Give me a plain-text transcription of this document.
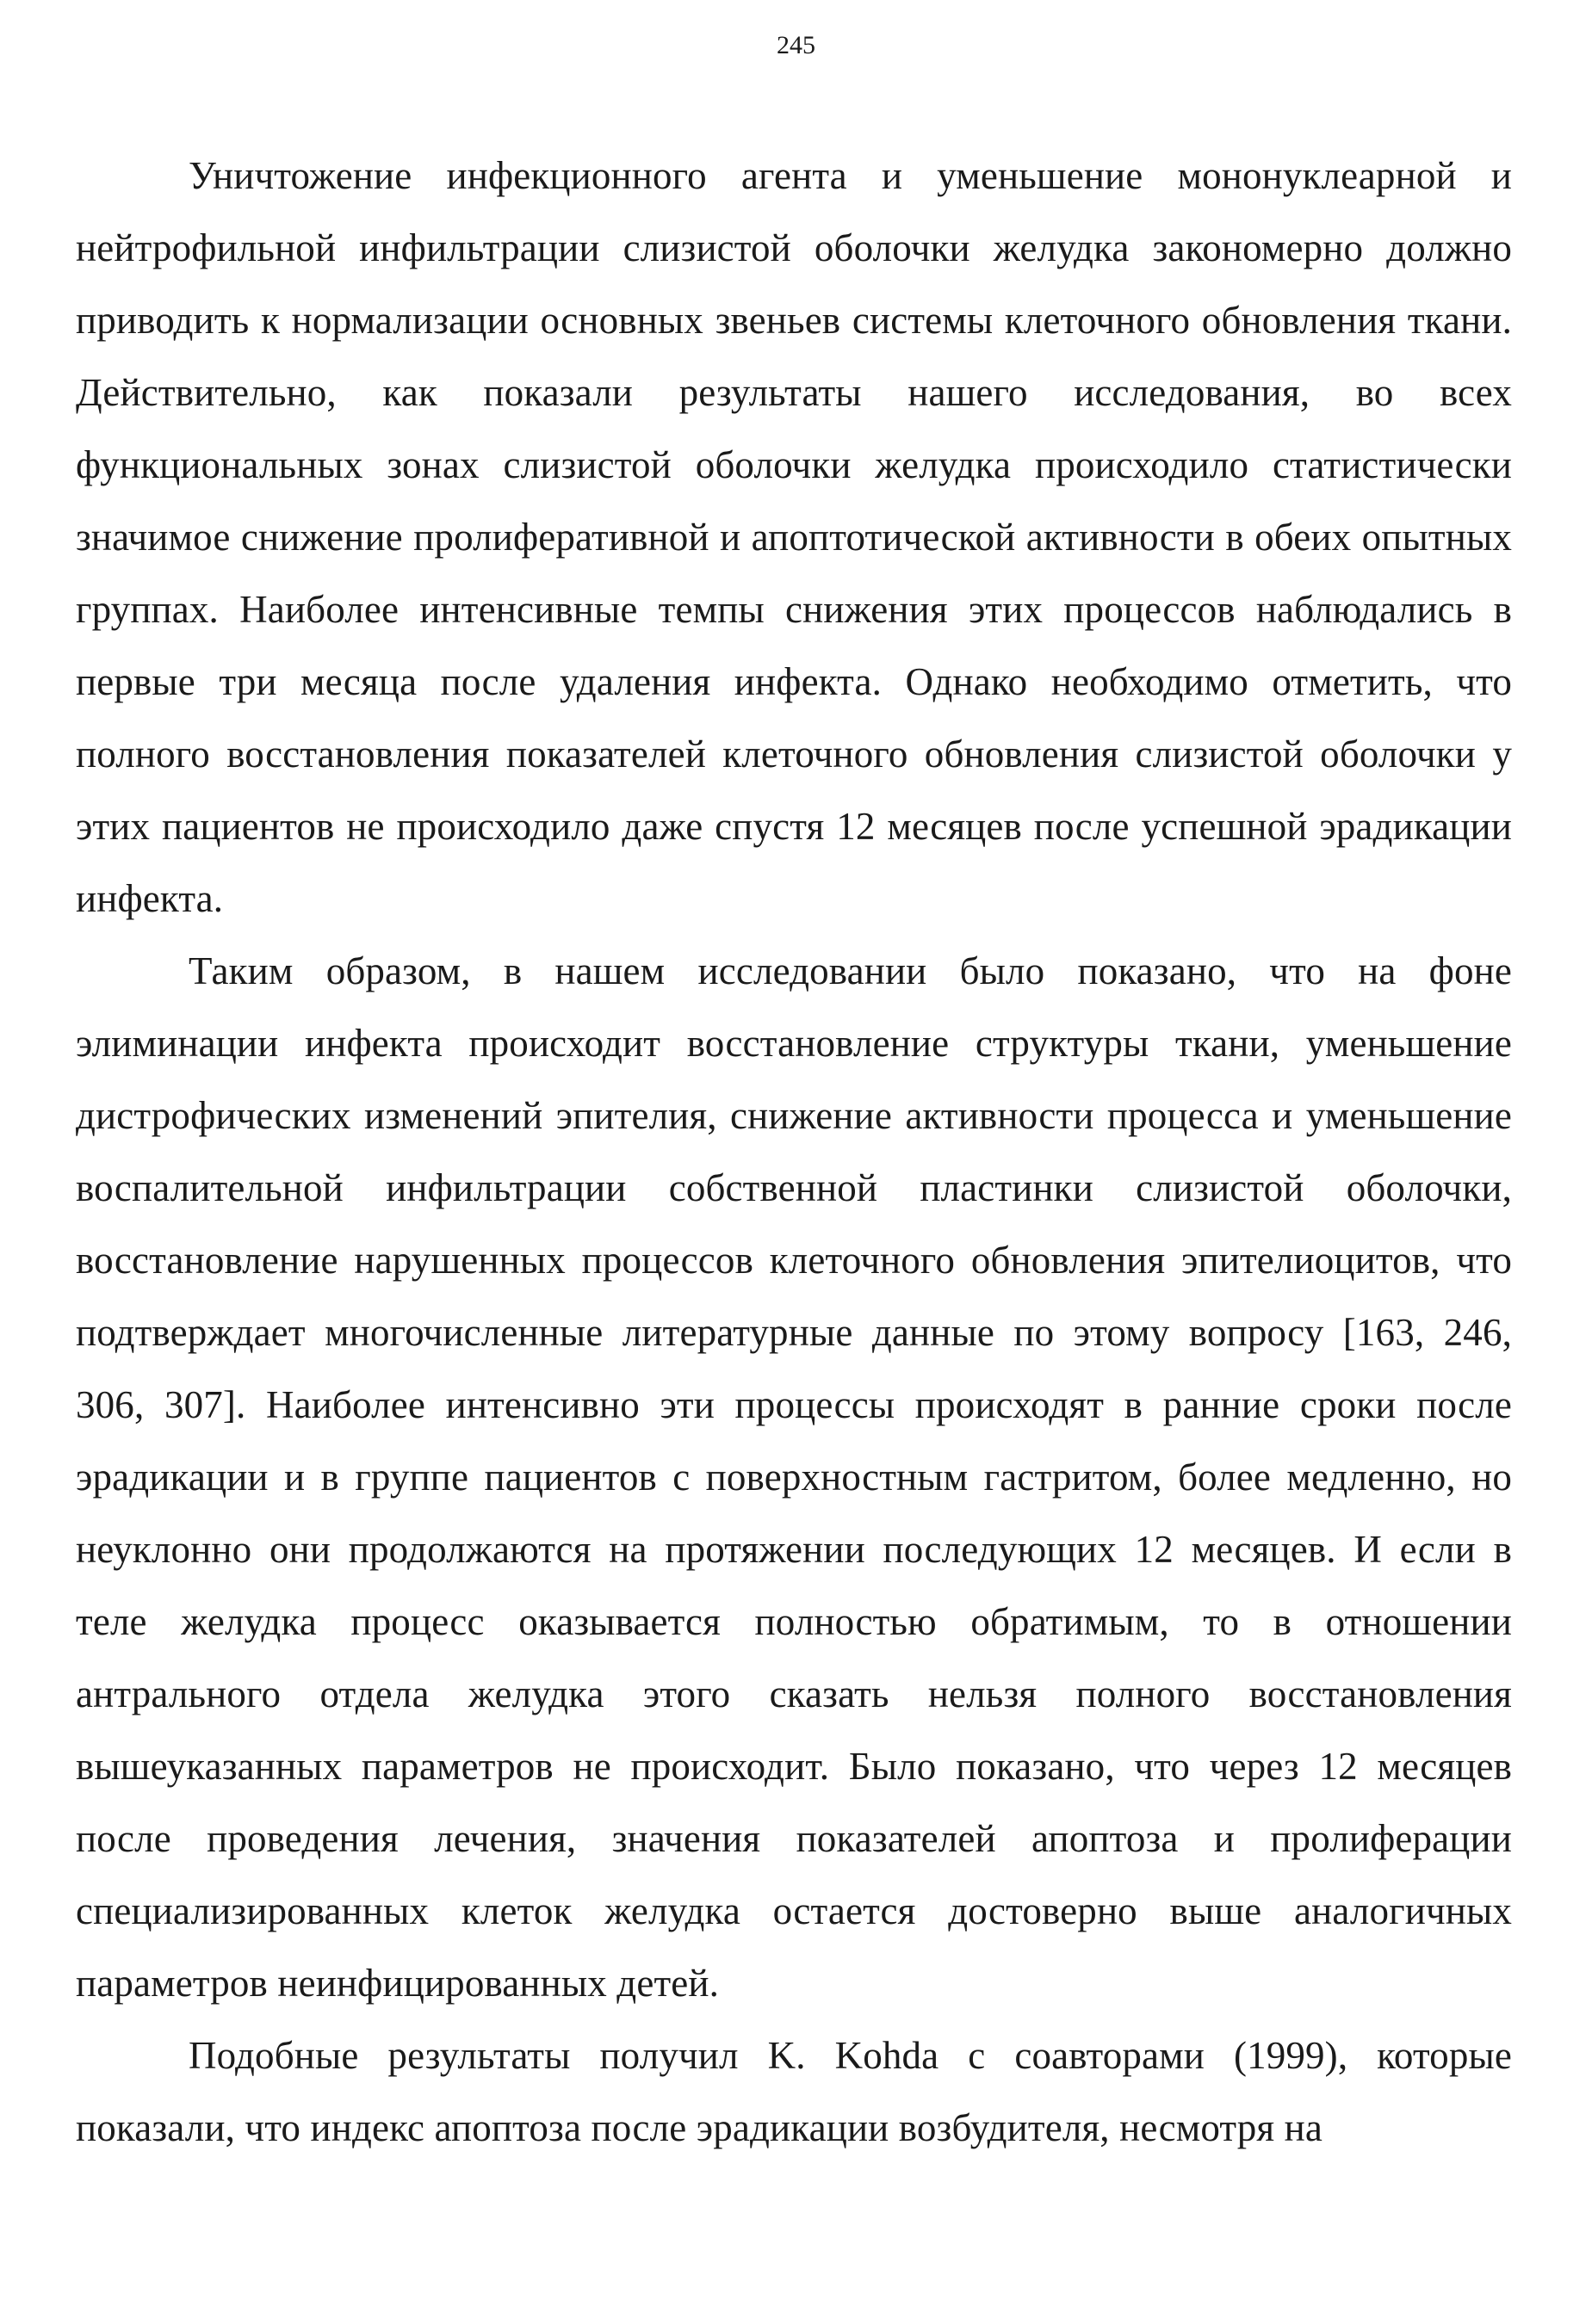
245

Уничтожение инфекционного агента и уменьшение мононуклеарной и нейтрофильной инфильтрации слизистой оболочки желудка закономерно должно приводить к нормализации основных звеньев системы клеточного обновления ткани. Действительно, как показали результаты нашего исследования, во всех функциональных зонах слизистой оболочки желудка происходило статистически значимое снижение пролиферативной и апоптотической активности в обеих опытных группах. Наиболее интенсивные темпы снижения этих процессов наблюдались в первые три месяца после удаления инфекта. Однако необходимо отметить, что полного восстановления показателей клеточного обновления слизистой оболочки у этих пациентов не происходило даже спустя 12 месяцев после успешной эрадикации инфекта.

Таким образом, в нашем исследовании было показано, что на фоне элиминации инфекта происходит восстановление структуры ткани, уменьшение дистрофических изменений эпителия, снижение активности процесса и уменьшение воспалительной инфильтрации собственной пластинки слизистой оболочки, восстановление нарушенных процессов клеточного обновления эпителиоцитов, что подтверждает многочисленные литературные данные по этому вопросу [163, 246, 306, 307]. Наиболее интенсивно эти процессы происходят в ранние сроки после эрадикации и в группе пациентов с поверхностным гастритом, более медленно, но неуклонно они продолжаются на протяжении последующих 12 месяцев. И если в теле желудка процесс оказывается полностью обратимым, то в отношении антрального отдела желудка этого сказать нельзя полного восстановления вышеуказанных параметров не происходит. Было показано, что через 12 месяцев после проведения лечения, значения показателей апоптоза и пролиферации специализированных клеток желудка остается достоверно выше аналогичных параметров неинфицированных детей.

Подобные результаты получил K. Kohda с соавторами (1999), которые показали, что индекс апоптоза после эрадикации возбудителя, несмотря на
